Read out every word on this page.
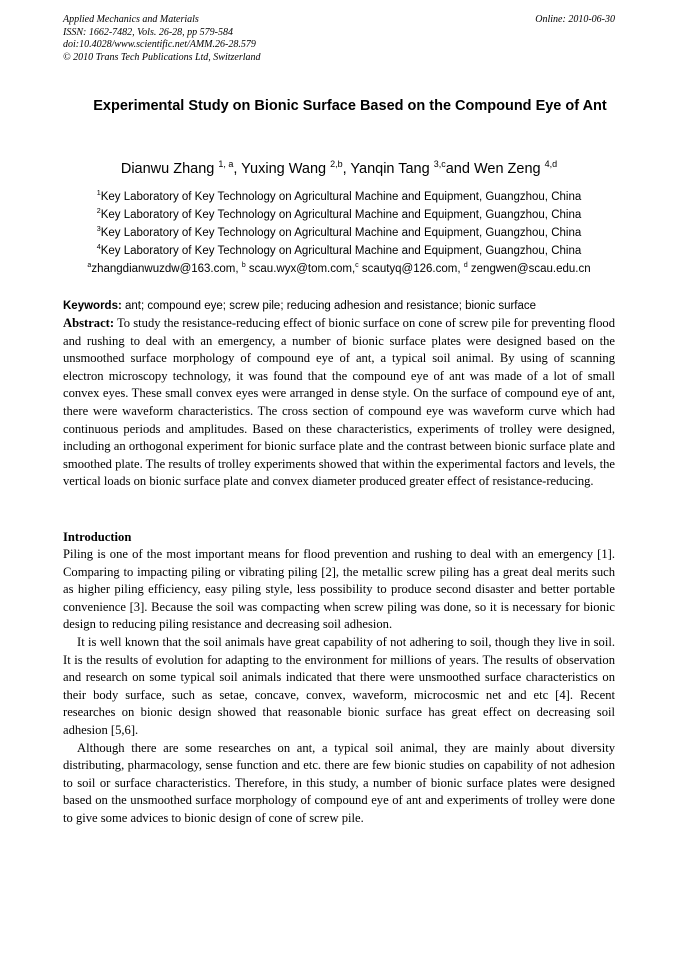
Applied Mechanics and Materials
ISSN: 1662-7482, Vols. 26-28, pp 579-584
doi:10.4028/www.scientific.net/AMM.26-28.579
© 2010 Trans Tech Publications Ltd, Switzerland
Online: 2010-06-30
Experimental Study on Bionic Surface Based on the Compound Eye of Ant
Dianwu Zhang $^{1, a}$, Yuxing Wang $^{2,b}$, Yanqin Tang $^{3,c}$and Wen Zeng $^{4,d}$
$^1$Key Laboratory of Key Technology on Agricultural Machine and Equipment, Guangzhou, China
$^2$Key Laboratory of Key Technology on Agricultural Machine and Equipment, Guangzhou, China
$^3$Key Laboratory of Key Technology on Agricultural Machine and Equipment, Guangzhou, China
$^4$Key Laboratory of Key Technology on Agricultural Machine and Equipment, Guangzhou, China
$^a$zhangdianwuzdw@163.com, $^b$ scau.wyx@tom.com,$^c$ scautyq@126.com, $^d$ zengwen@scau.edu.cn
Keywords: ant; compound eye; screw pile; reducing adhesion and resistance; bionic surface
Abstract: To study the resistance-reducing effect of bionic surface on cone of screw pile for preventing flood and rushing to deal with an emergency, a number of bionic surface plates were designed based on the unsmoothed surface morphology of compound eye of ant, a typical soil animal. By using of scanning electron microscopy technology, it was found that the compound eye of ant was made of a lot of small convex eyes. These small convex eyes were arranged in dense style. On the surface of compound eye of ant, there were waveform characteristics. The cross section of compound eye was waveform curve which had continuous periods and amplitudes. Based on these characteristics, experiments of trolley were designed, including an orthogonal experiment for bionic surface plate and the contrast between bionic surface plate and smoothed plate. The results of trolley experiments showed that within the experimental factors and levels, the vertical loads on bionic surface plate and convex diameter produced greater effect of resistance-reducing.
Introduction
Piling is one of the most important means for flood prevention and rushing to deal with an emergency [1]. Comparing to impacting piling or vibrating piling [2], the metallic screw piling has a great deal merits such as higher piling efficiency, easy piling style, less possibility to produce second disaster and better portable convenience [3]. Because the soil was compacting when screw piling was done, so it is necessary for bionic design to reducing piling resistance and decreasing soil adhesion.
It is well known that the soil animals have great capability of not adhering to soil, though they live in soil. It is the results of evolution for adapting to the environment for millions of years. The results of observation and research on some typical soil animals indicated that there were unsmoothed surface characteristics on their body surface, such as setae, concave, convex, waveform, microcosmic net and etc [4]. Recent researches on bionic design showed that reasonable bionic surface has great effect on decreasing soil adhesion [5,6].
Although there are some researches on ant, a typical soil animal, they are mainly about diversity distributing, pharmacology, sense function and etc. there are few bionic studies on capability of not adhesion to soil or surface characteristics. Therefore, in this study, a number of bionic surface plates were designed based on the unsmoothed surface morphology of compound eye of ant and experiments of trolley were done to give some advices to bionic design of cone of screw pile.
